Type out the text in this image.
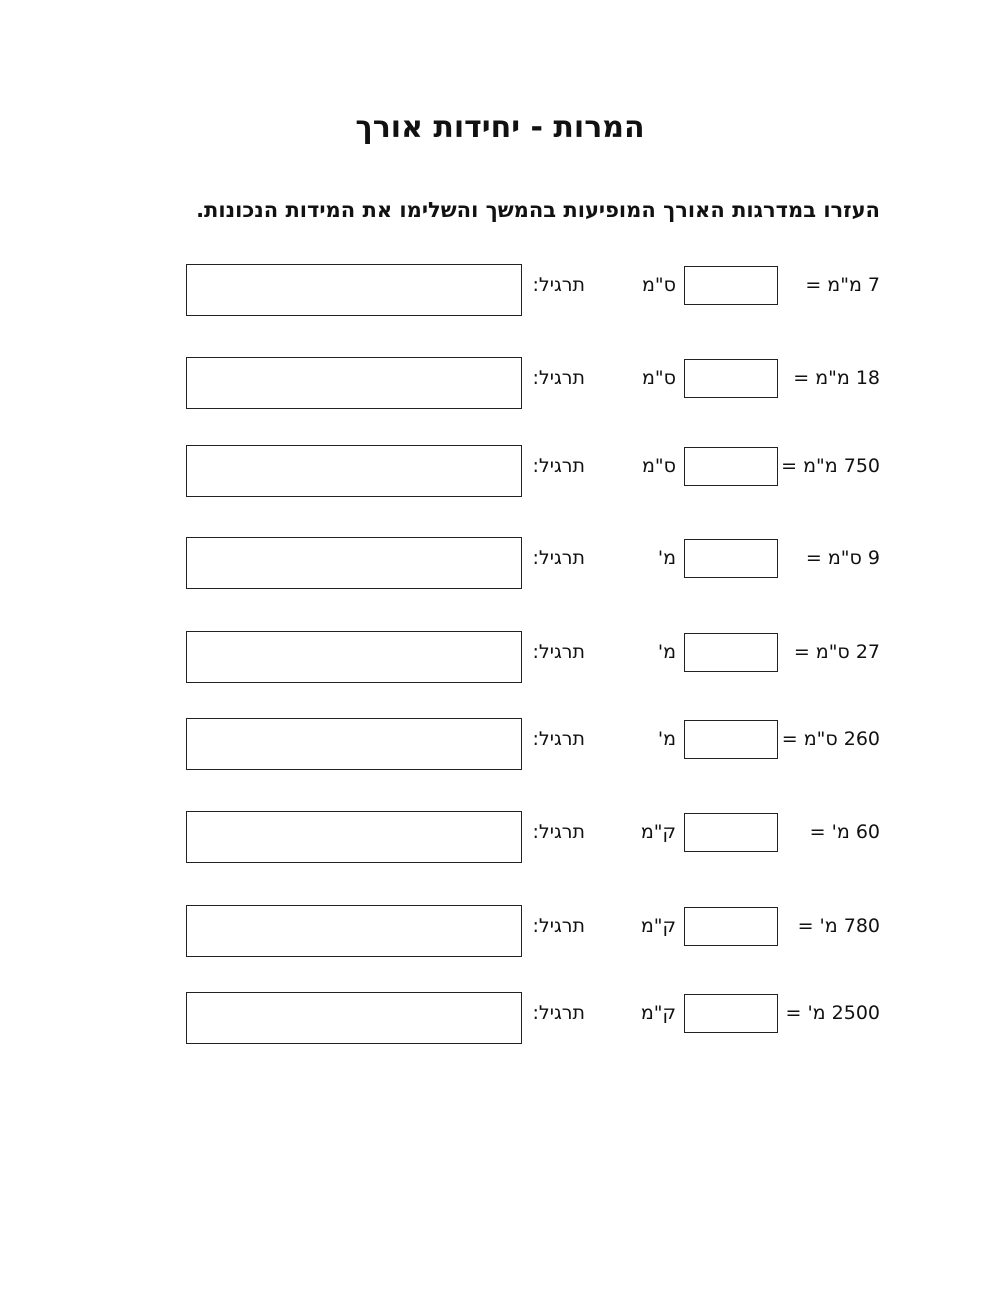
המרות - יחידות אורך
העזרו במדרגות האורך המופיעות בהמשך והשלימו את המידות הנכונות.
7 מ"מ =
ס"מ
תרגיל:
18 מ"מ =
ס"מ
תרגיל:
750 מ"מ =
ס"מ
תרגיל:
9 ס"מ =
מ'
תרגיל:
27 ס"מ =
מ'
תרגיל:
260 ס"מ =
מ'
תרגיל:
60 מ' =
ק"מ
תרגיל:
780 מ' =
ק"מ
תרגיל:
2500 מ' =
ק"מ
תרגיל:
